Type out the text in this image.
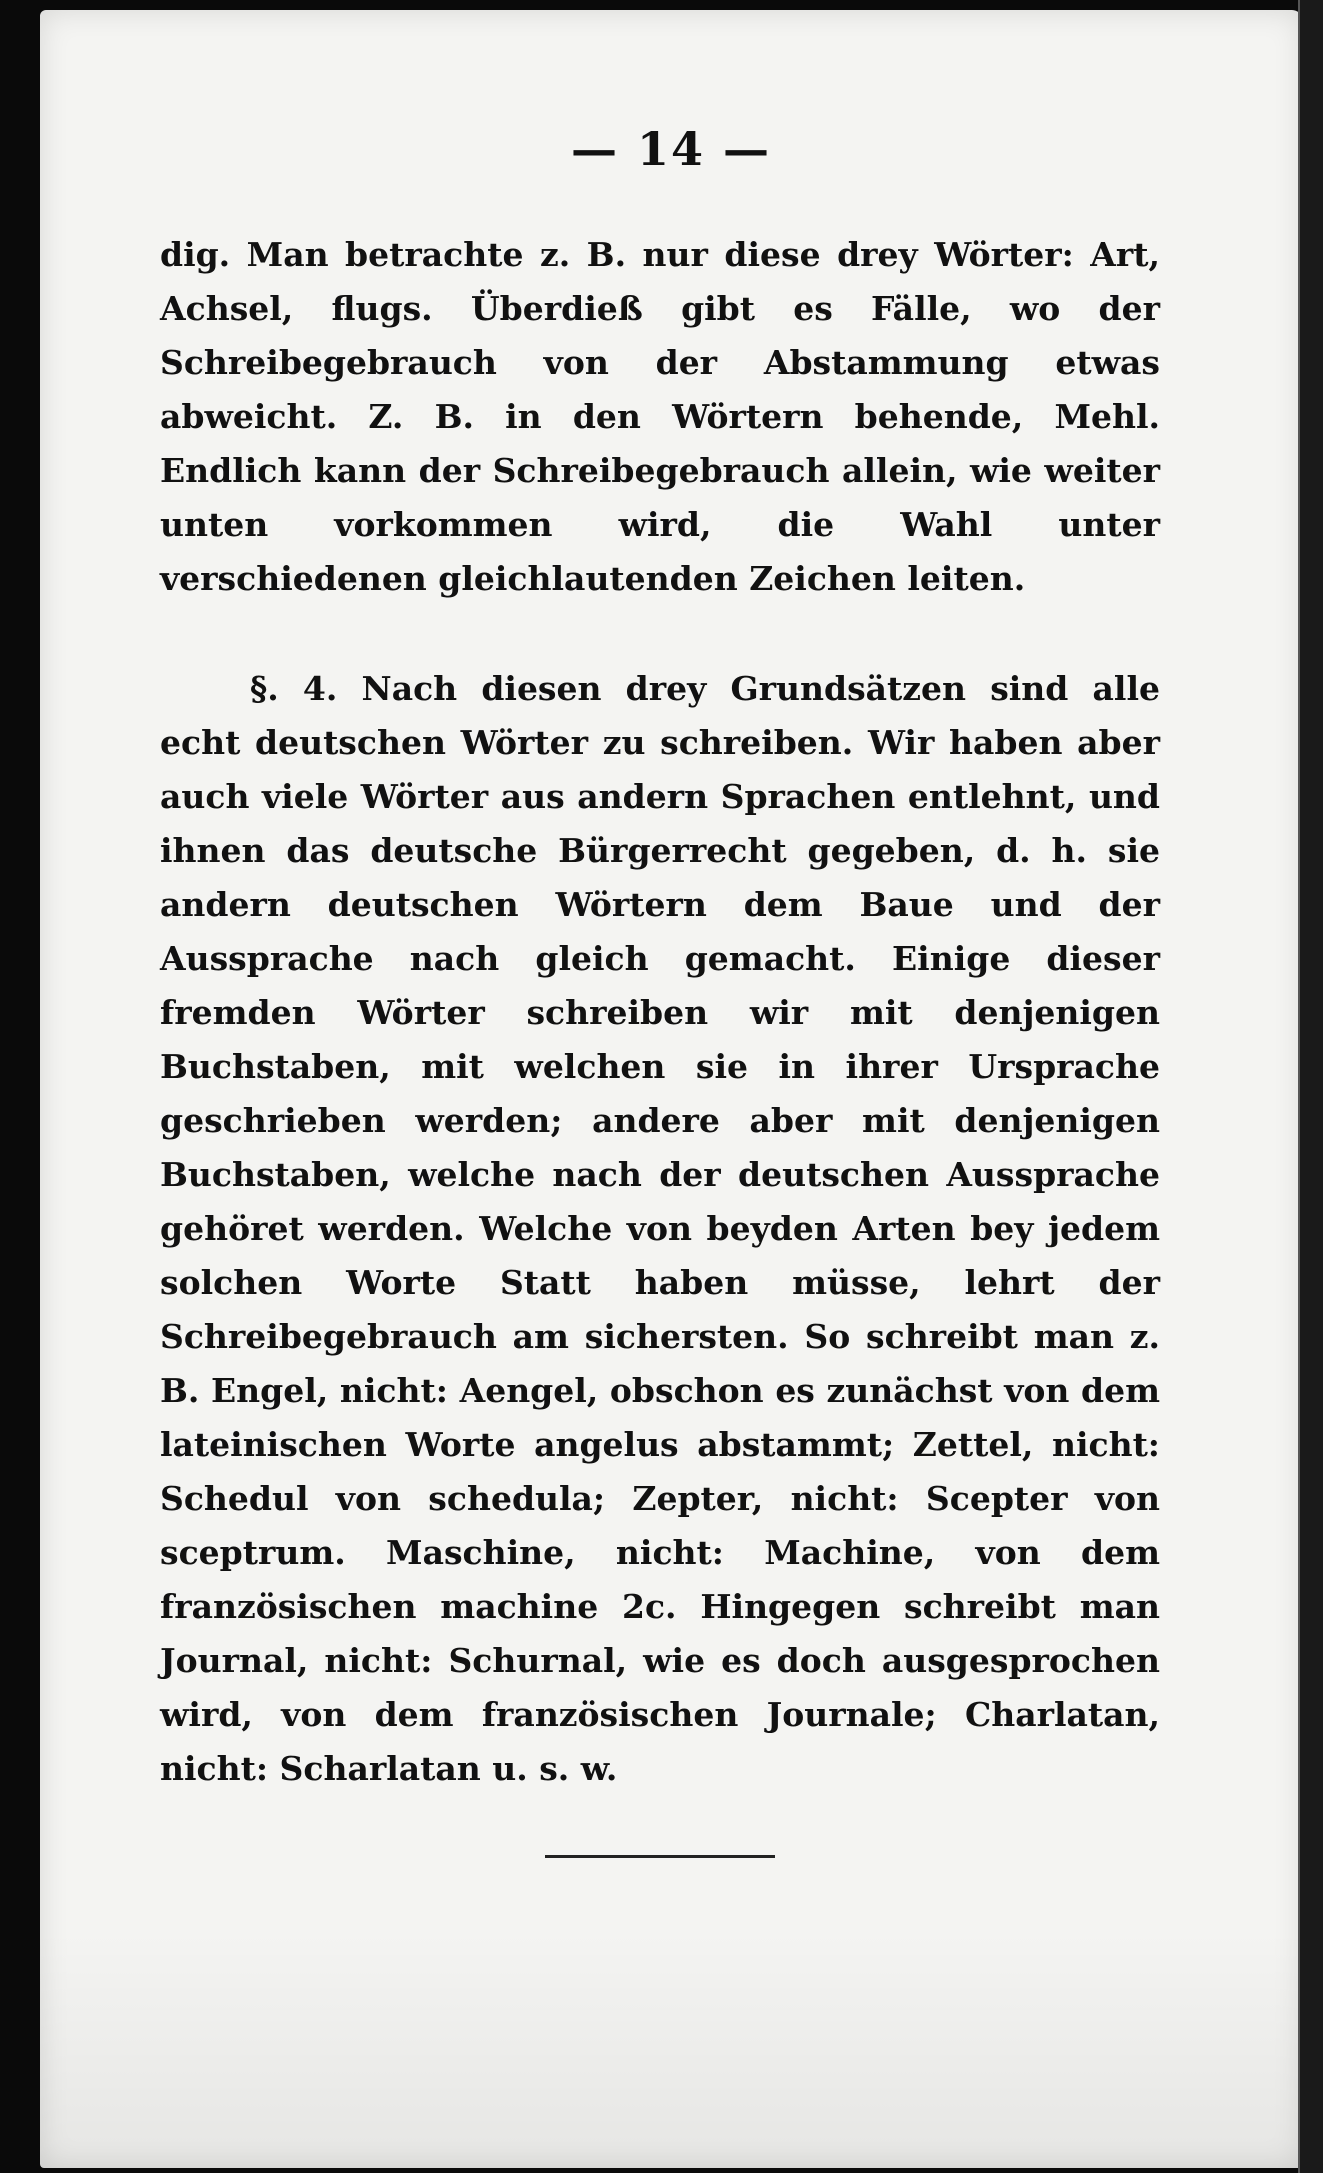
— 14 —

dig. Man betrachte z. B. nur diese drey Wörter: Art, Achsel, flugs. Überdieß gibt es Fälle, wo der Schreibegebrauch von der Abstammung etwas abweicht. Z. B. in den Wörtern behende, Mehl. Endlich kann der Schreibegebrauch allein, wie weiter unten vorkommen wird, die Wahl unter verschiedenen gleichlautenden Zeichen leiten.

§. 4. Nach diesen drey Grundsätzen sind alle echt deutschen Wörter zu schreiben. Wir haben aber auch viele Wörter aus andern Sprachen entlehnt, und ihnen das deutsche Bürgerrecht gegeben, d. h. sie andern deutschen Wörtern dem Baue und der Aussprache nach gleich gemacht. Einige dieser fremden Wörter schreiben wir mit denjenigen Buchstaben, mit welchen sie in ihrer Ursprache geschrieben werden; andere aber mit denjenigen Buchstaben, welche nach der deutschen Aussprache gehöret werden. Welche von beyden Arten bey jedem solchen Worte Statt haben müsse, lehrt der Schreibegebrauch am sichersten. So schreibt man z. B. Engel, nicht: Aengel, obschon es zunächst von dem lateinischen Worte angelus abstammt; Zettel, nicht: Schedul von schedula; Zepter, nicht: Scepter von sceptrum. Maschine, nicht: Machine, von dem französischen machine 2c. Hingegen schreibt man Journal, nicht: Schurnal, wie es doch ausgesprochen wird, von dem französischen Journale; Charlatan, nicht: Scharlatan u. s. w.
